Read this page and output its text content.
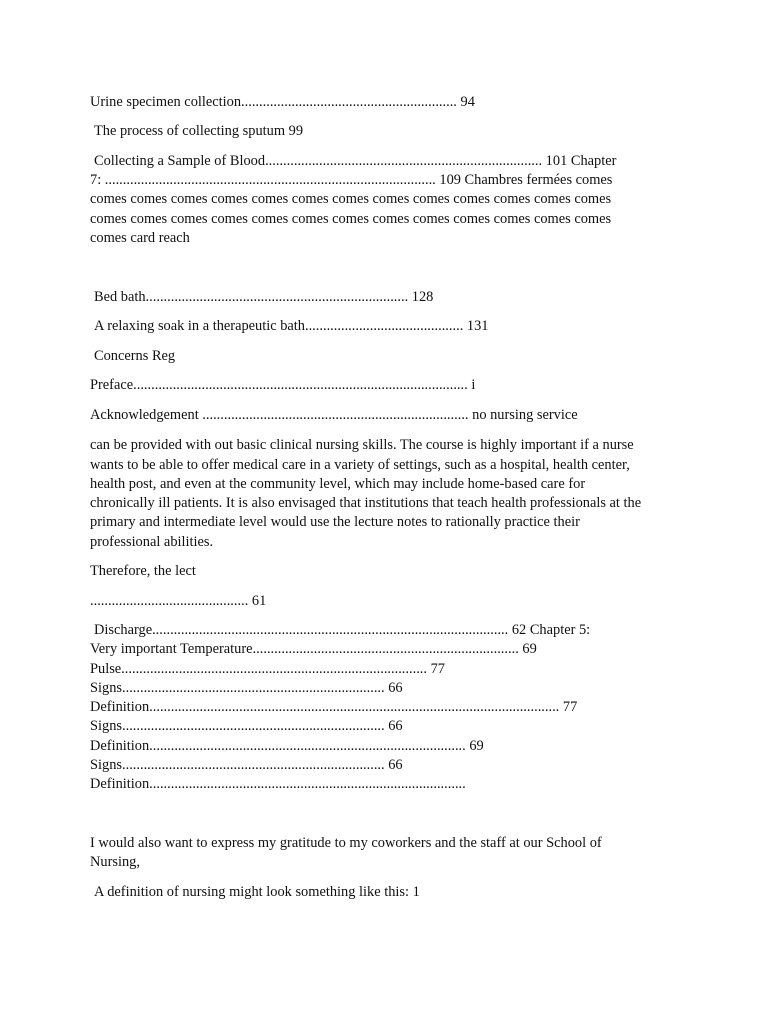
Urine specimen collection............................................................ 94

The process of collecting sputum 99

Collecting a Sample of Blood............................................................................. 101 Chapter

7: ............................................................................................ 109 Chambres fermées comes

comes comes comes comes comes comes comes comes comes comes comes comes comes

comes comes comes comes comes comes comes comes comes comes comes comes comes

comes card reach

Bed bath......................................................................... 128

A relaxing soak in a therapeutic bath............................................ 131

Concerns Reg

Preface............................................................................................. i

Acknowledgement .......................................................................... no nursing service

can be provided with out basic clinical nursing skills. The course is highly important if a nurse

wants to be able to offer medical care in a variety of settings, such as a hospital, health center,

health post, and even at the community level, which may include home-based care for

chronically ill patients. It is also envisaged that institutions that teach health professionals at the

primary and intermediate level would use the lecture notes to rationally practice their

professional abilities.

Therefore, the lect

............................................ 61

Discharge................................................................................................... 62 Chapter 5:

Very important Temperature.......................................................................... 69

Pulse..................................................................................... 77

Signs......................................................................... 66

Definition.................................................................................................................. 77

Signs......................................................................... 66

Definition........................................................................................ 69

Signs......................................................................... 66

Definition........................................................................................

I would also want to express my gratitude to my coworkers and the staff at our School of

Nursing,

A definition of nursing might look something like this: 1
